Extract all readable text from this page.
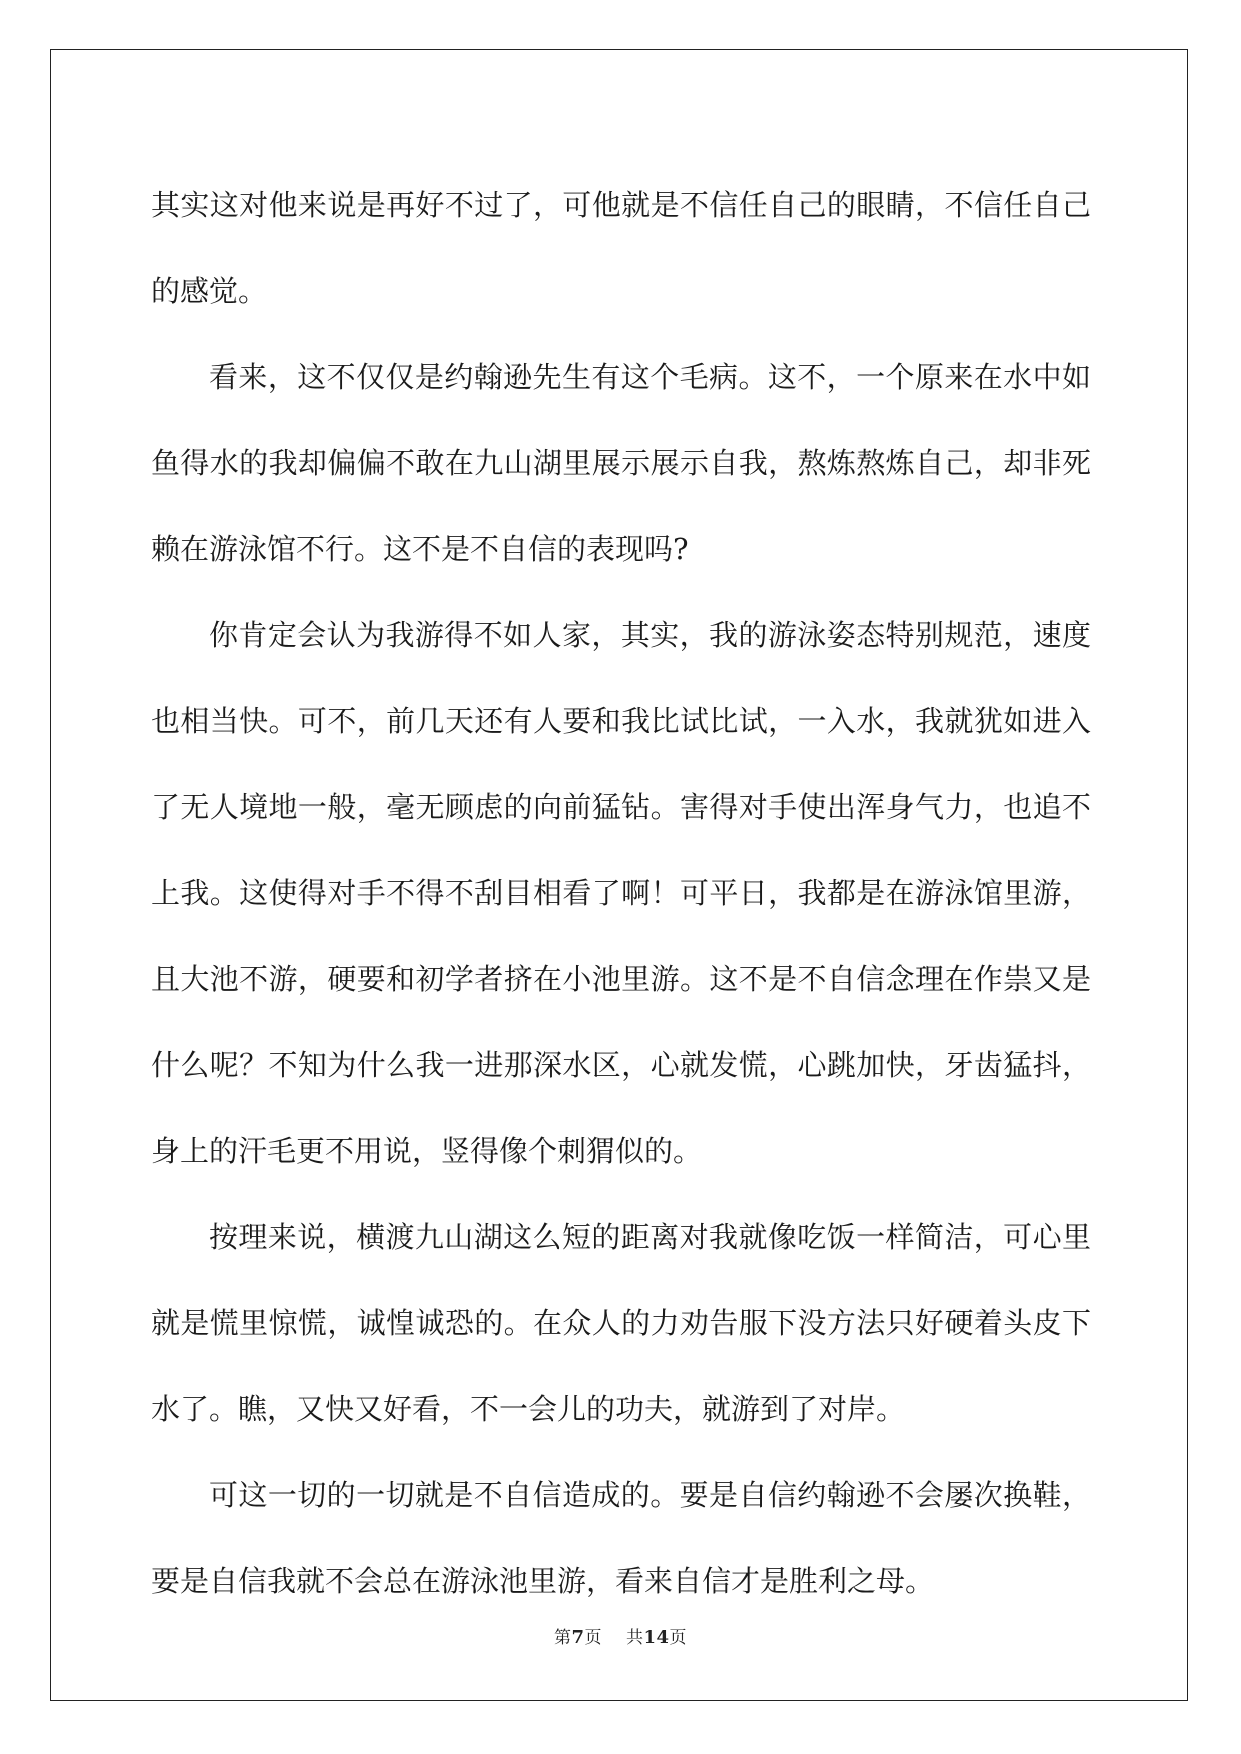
其实这对他来说是再好不过了，可他就是不信任自己的眼睛，不信任自己的感觉。

看来，这不仅仅是约翰逊先生有这个毛病。这不，一个原来在水中如鱼得水的我却偏偏不敢在九山湖里展示展示自我，熬炼熬炼自己，却非死赖在游泳馆不行。这不是不自信的表现吗?

你肯定会认为我游得不如人家，其实，我的游泳姿态特别规范，速度也相当快。可不，前几天还有人要和我比试比试，一入水，我就犹如进入了无人境地一般，毫无顾虑的向前猛钻。害得对手使出浑身气力，也追不上我。这使得对手不得不刮目相看了啊！可平日，我都是在游泳馆里游，且大池不游，硬要和初学者挤在小池里游。这不是不自信念理在作祟又是什么呢？不知为什么我一进那深水区，心就发慌，心跳加快，牙齿猛抖，身上的汗毛更不用说，竖得像个刺猬似的。

按理来说，横渡九山湖这么短的距离对我就像吃饭一样简洁，可心里就是慌里惊慌，诚惶诚恐的。在众人的力劝告服下没方法只好硬着头皮下水了。瞧，又快又好看，不一会儿的功夫，就游到了对岸。

可这一切的一切就是不自信造成的。要是自信约翰逊不会屡次换鞋，要是自信我就不会总在游泳池里游，看来自信才是胜利之母。

第7页 共14页
